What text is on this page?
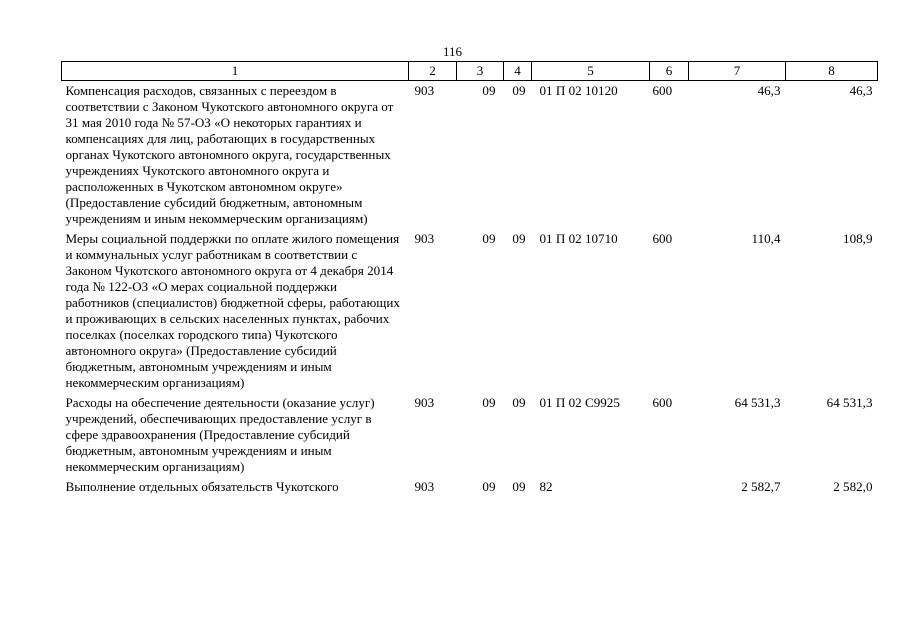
116
1	2	3	4	5	6	7	8
Компенсация расходов, связанных с переездом в соответствии с Законом Чукотского автономного округа от 31 мая 2010 года № 57-ОЗ «О некоторых гарантиях и компенсациях для лиц, работающих в государственных органах Чукотского автономного округа, государственных учреждениях Чукотского автономного округа и расположенных в Чукотском автономном округе» (Предоставление субсидий бюджетным, автономным учреждениям и иным некоммерческим организациям)	903	09	09	01 П 02 10120	600	46,3	46,3
Меры социальной поддержки по оплате жилого помещения и коммунальных услуг работникам в соответствии с Законом Чукотского автономного округа от 4 декабря 2014 года № 122-ОЗ «О мерах социальной поддержки работников (специалистов) бюджетной сферы, работающих и проживающих в сельских населенных пунктах, рабочих поселках (поселках городского типа) Чукотского автономного округа» (Предоставление субсидий бюджетным, автономным учреждениям и иным некоммерческим организациям)	903	09	09	01 П 02 10710	600	110,4	108,9
Расходы на обеспечение деятельности (оказание услуг) учреждений, обеспечивающих предоставление услуг в сфере здравоохранения (Предоставление субсидий бюджетным, автономным учреждениям и иным некоммерческим организациям)	903	09	09	01 П 02 С9925	600	64 531,3	64 531,3
Выполнение отдельных обязательств Чукотского	903	09	09	82		2 582,7	2 582,0
